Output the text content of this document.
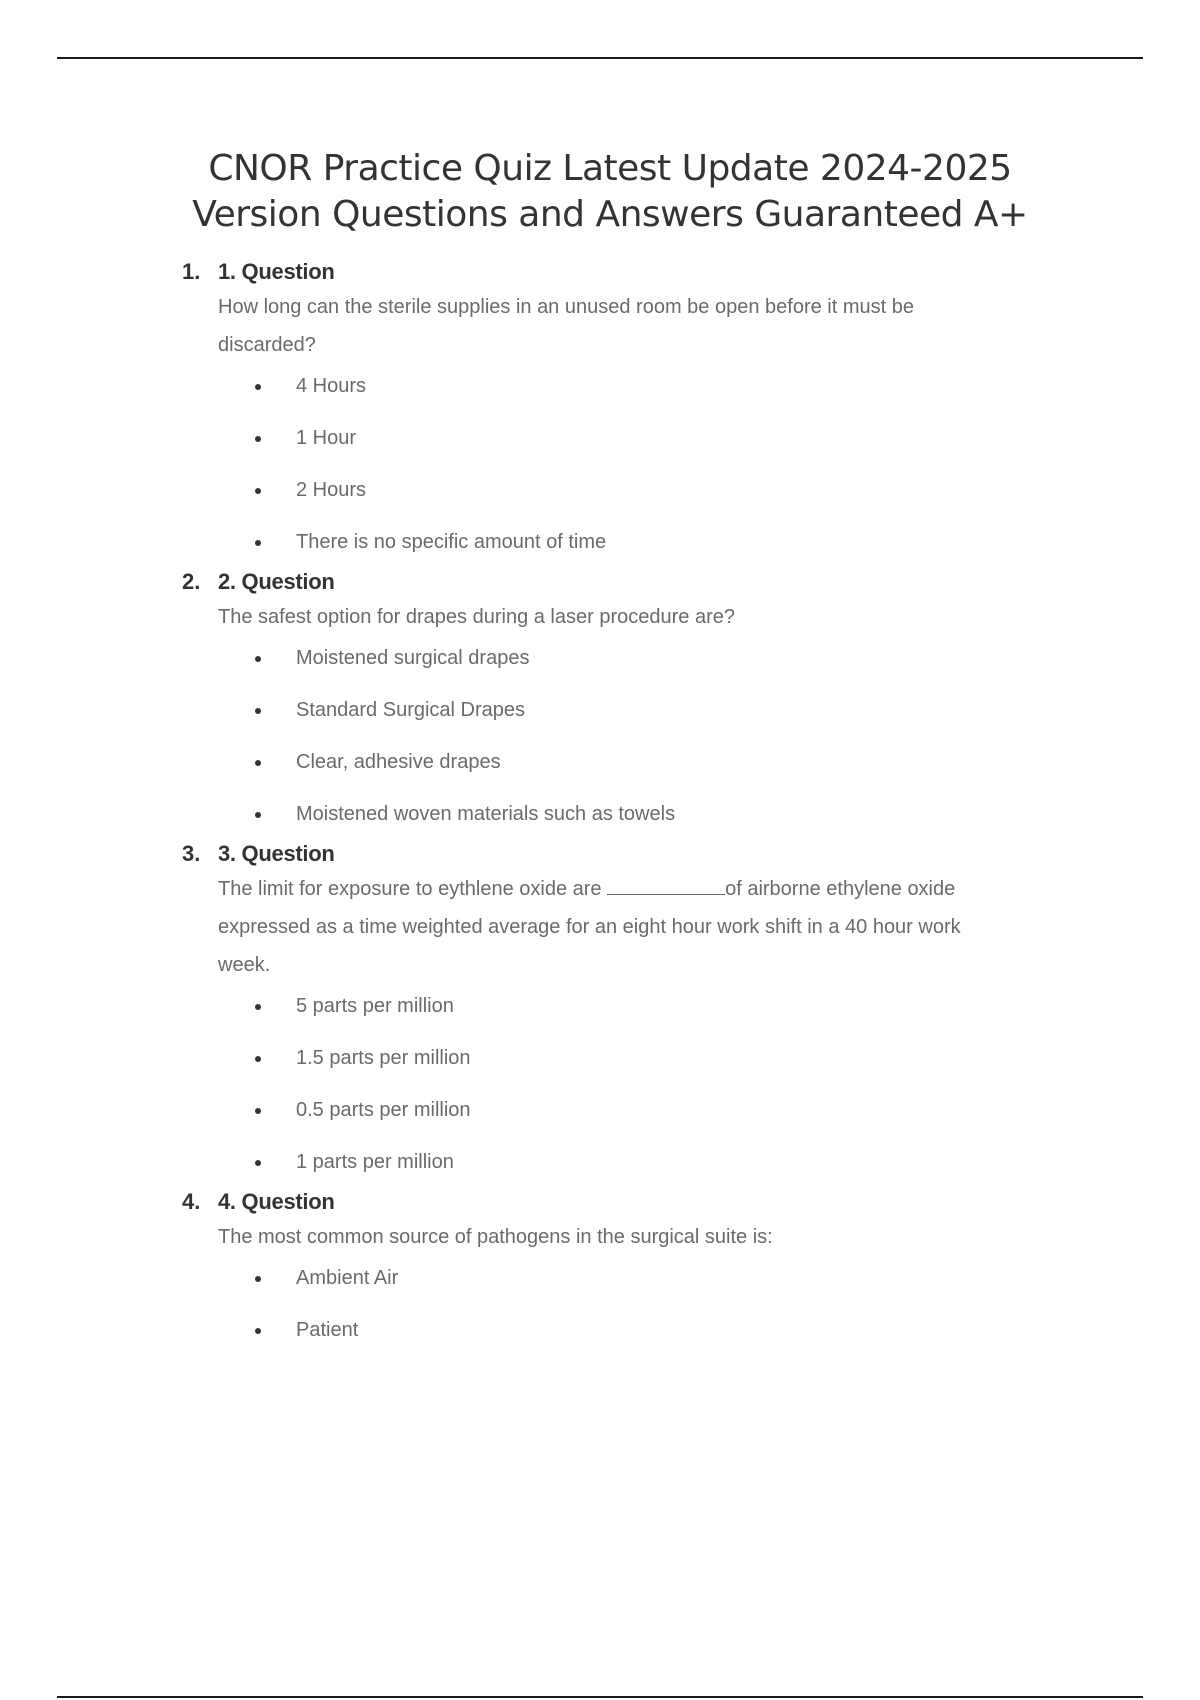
CNOR Practice Quiz Latest Update 2024-2025 Version Questions and Answers Guaranteed A+
1. 1. Question

How long can the sterile supplies in an unused room be open before it must be discarded?

4 Hours
1 Hour
2 Hours
There is no specific amount of time
2. 2. Question

The safest option for drapes during a laser procedure are?

Moistened surgical drapes
Standard Surgical Drapes
Clear, adhesive drapes
Moistened woven materials such as towels
3. 3. Question

The limit for exposure to eythlene oxide are	of airborne ethylene oxide expressed as a time weighted average for an eight hour work shift in a 40 hour work week.

5 parts per million
1.5 parts per million
0.5 parts per million
1 parts per million
4. 4. Question

The most common source of pathogens in the surgical suite is:

Ambient Air
Patient
